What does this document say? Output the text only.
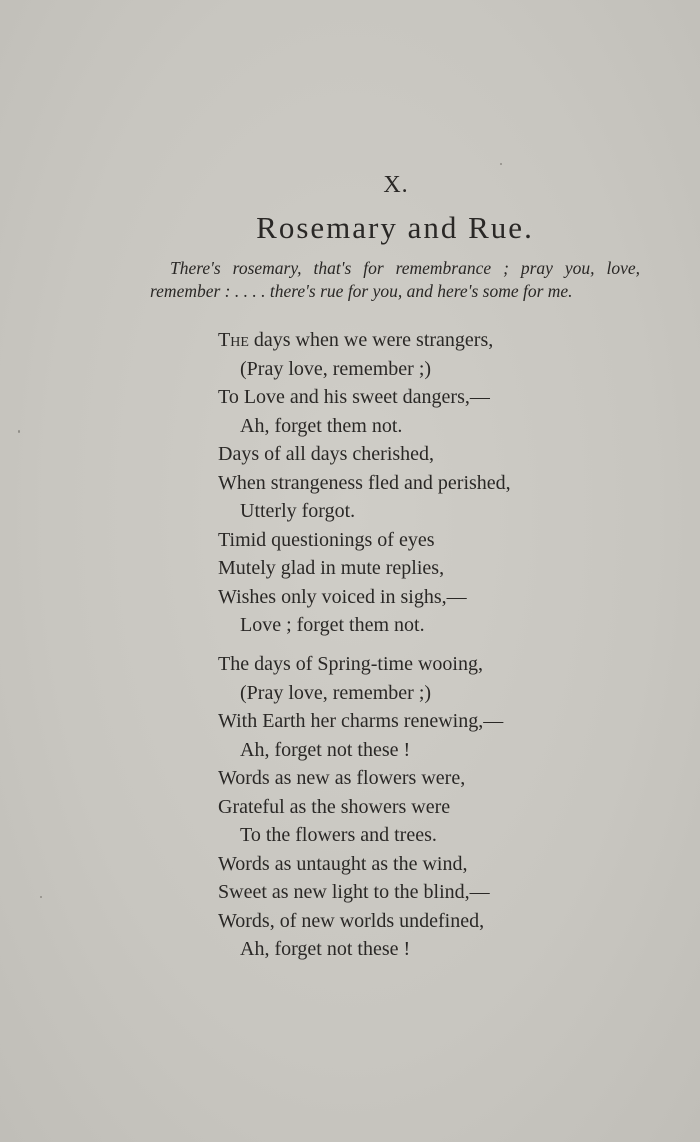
X.
Rosemary and Rue.
There's rosemary, that's for remembrance ; pray you, love, remember : . . . . there's rue for you, and here's some for me.
The days when we were strangers,
(Pray love, remember ;)
To Love and his sweet dangers,—
Ah, forget them not.
Days of all days cherished,
When strangeness fled and perished,
Utterly forgot.
Timid questionings of eyes
Mutely glad in mute replies,
Wishes only voiced in sighs,—
Love ; forget them not.
The days of Spring-time wooing,
(Pray love, remember ;)
With Earth her charms renewing,—
Ah, forget not these !
Words as new as flowers were,
Grateful as the showers were
To the flowers and trees.
Words as untaught as the wind,
Sweet as new light to the blind,—
Words, of new worlds undefined,
Ah, forget not these !
